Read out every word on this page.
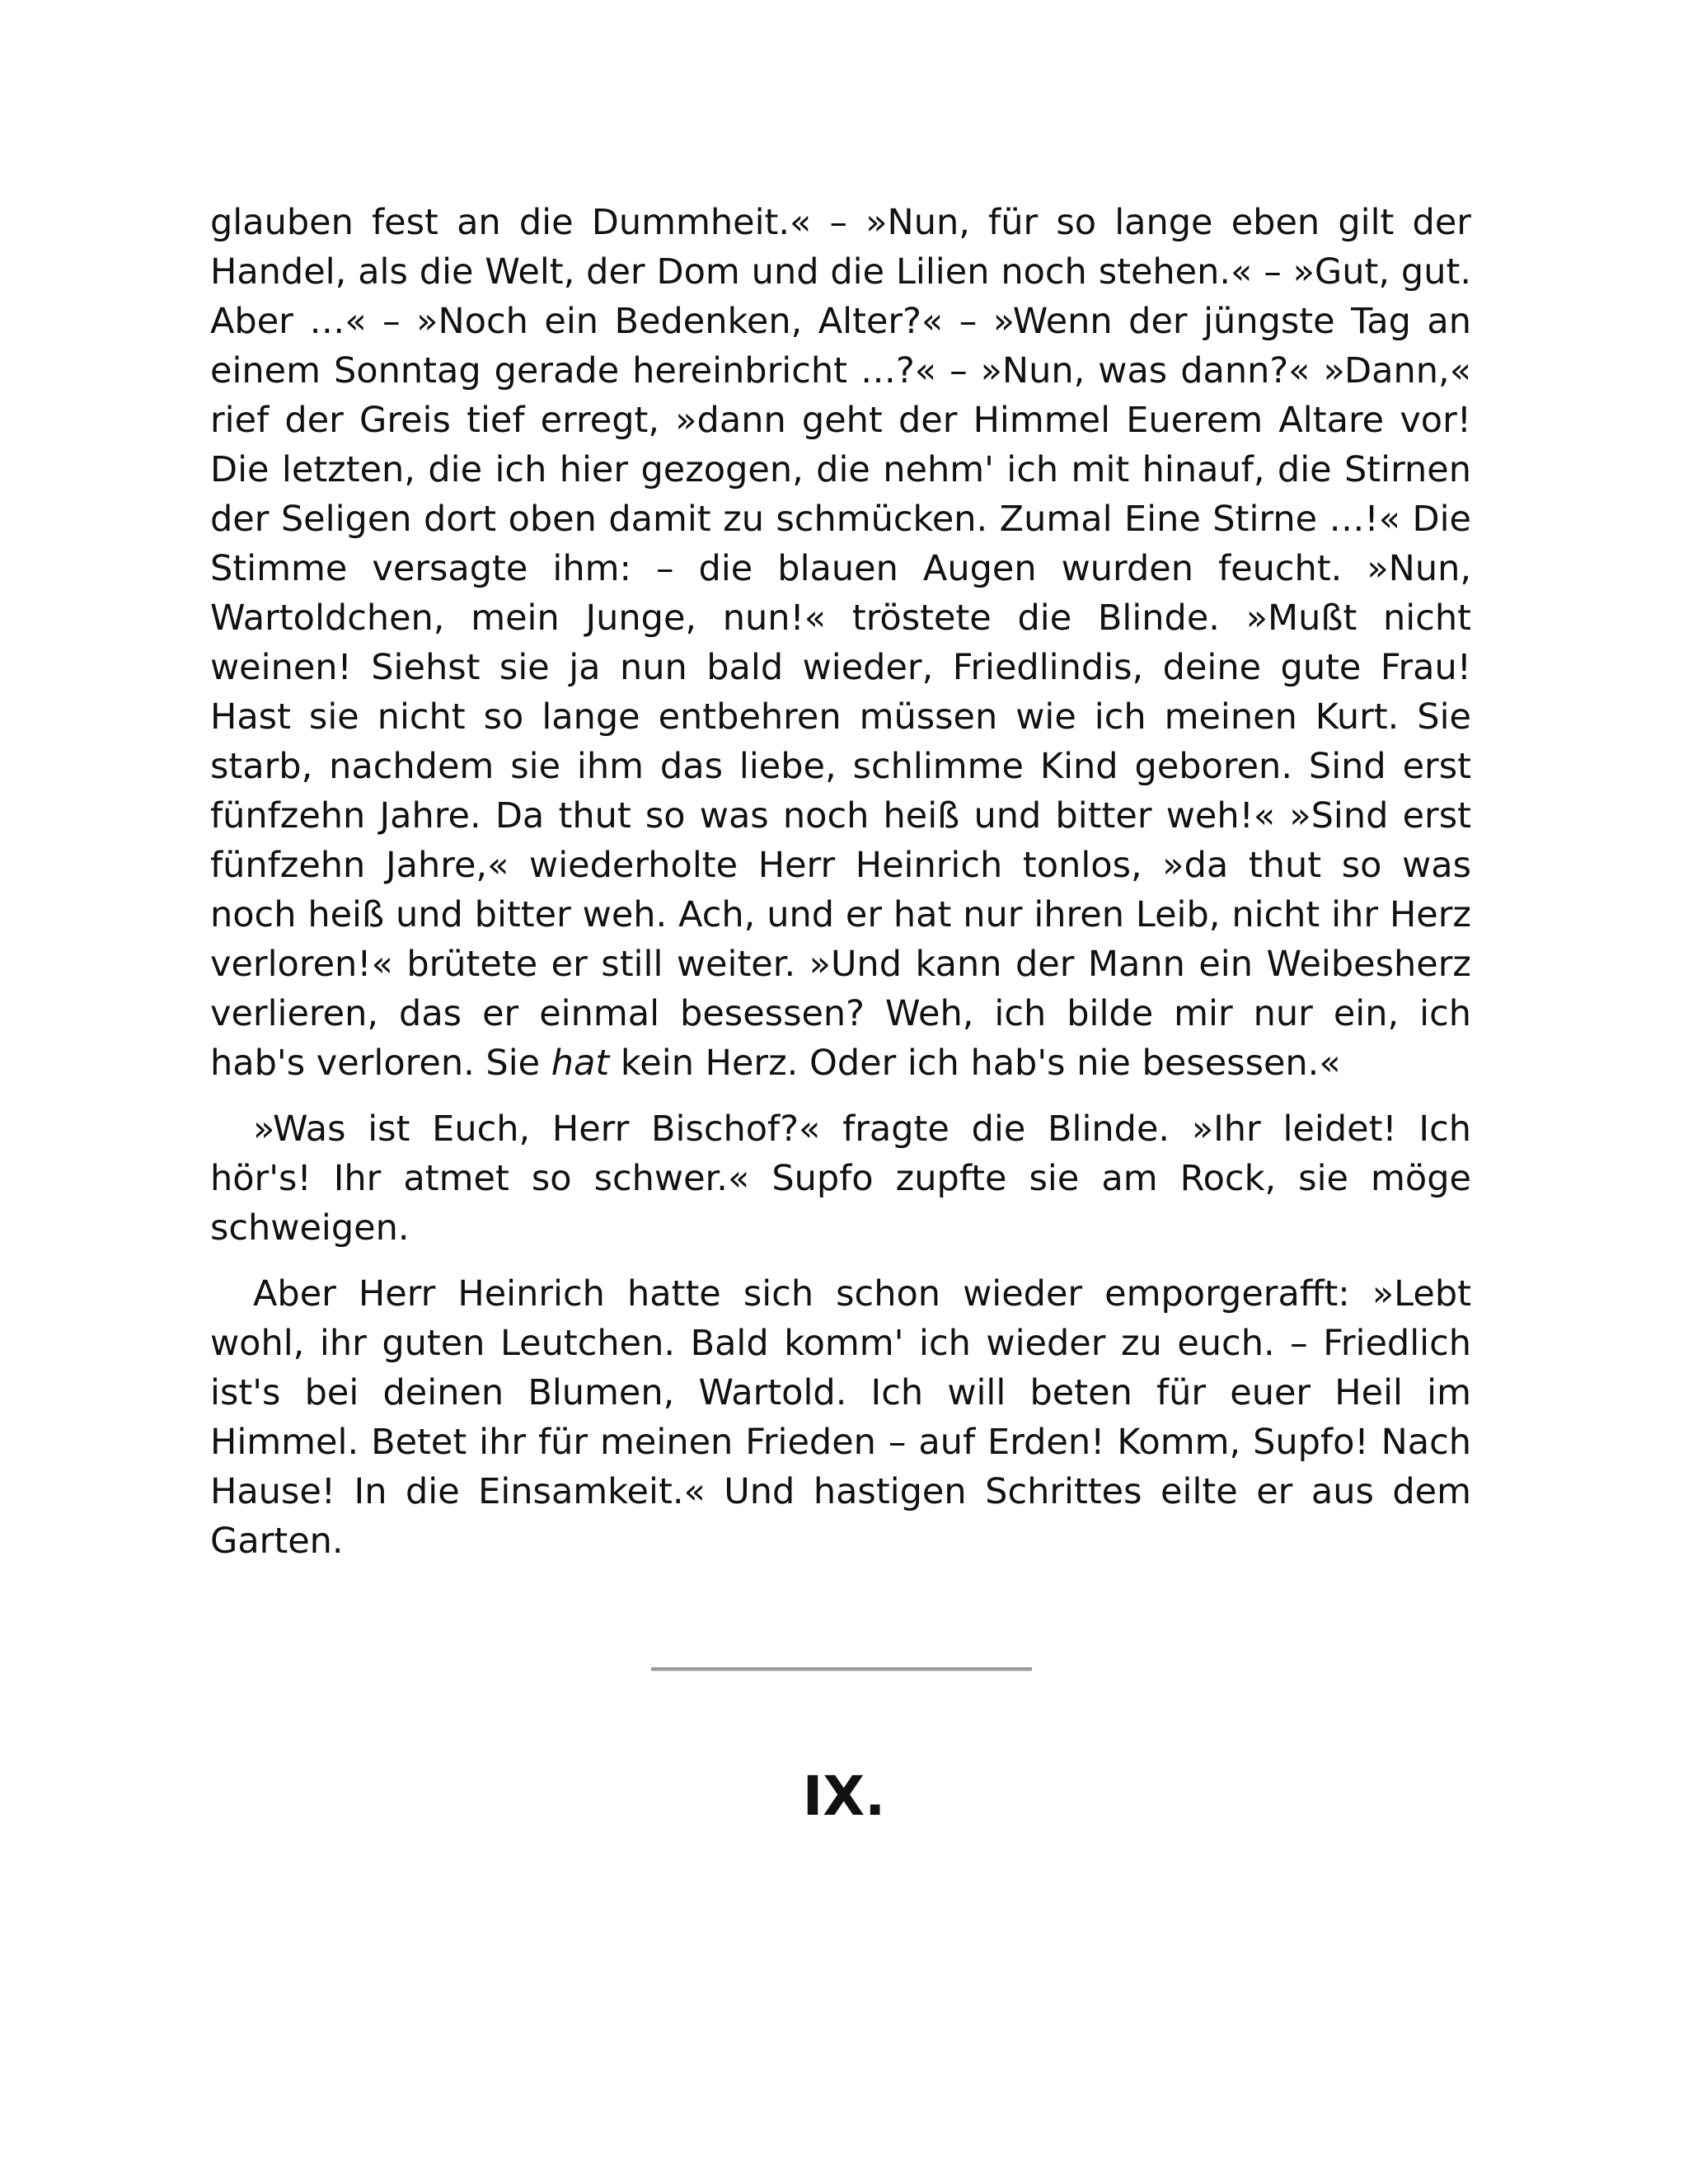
glauben fest an die Dummheit.« – »Nun, für so lange eben gilt der Handel, als die Welt, der Dom und die Lilien noch stehen.« – »Gut, gut. Aber …« – »Noch ein Bedenken, Alter?« – »Wenn der jüngste Tag an einem Sonntag gerade hereinbricht …?« – »Nun, was dann?« »Dann,« rief der Greis tief erregt, »dann geht der Himmel Euerem Altare vor! Die letzten, die ich hier gezogen, die nehm' ich mit hinauf, die Stirnen der Seligen dort oben damit zu schmücken. Zumal Eine Stirne …!« Die Stimme versagte ihm: – die blauen Augen wurden feucht. »Nun, Wartoldchen, mein Junge, nun!« tröstete die Blinde. »Mußt nicht weinen! Siehst sie ja nun bald wieder, Friedlindis, deine gute Frau! Hast sie nicht so lange entbehren müssen wie ich meinen Kurt. Sie starb, nachdem sie ihm das liebe, schlimme Kind geboren. Sind erst fünfzehn Jahre. Da thut so was noch heiß und bitter weh!« »Sind erst fünfzehn Jahre,« wiederholte Herr Heinrich tonlos, »da thut so was noch heiß und bitter weh. Ach, und er hat nur ihren Leib, nicht ihr Herz verloren!« brütete er still weiter. »Und kann der Mann ein Weibesherz verlieren, das er einmal besessen? Weh, ich bilde mir nur ein, ich hab's verloren. Sie hat kein Herz. Oder ich hab's nie besessen.«

»Was ist Euch, Herr Bischof?« fragte die Blinde. »Ihr leidet! Ich hör's! Ihr atmet so schwer.« Supfo zupfte sie am Rock, sie möge schweigen.

Aber Herr Heinrich hatte sich schon wieder emporgerafft: »Lebt wohl, ihr guten Leutchen. Bald komm' ich wieder zu euch. – Friedlich ist's bei deinen Blumen, Wartold. Ich will beten für euer Heil im Himmel. Betet ihr für meinen Frieden – auf Erden! Komm, Supfo! Nach Hause! In die Einsamkeit.« Und hastigen Schrittes eilte er aus dem Garten.

IX.
